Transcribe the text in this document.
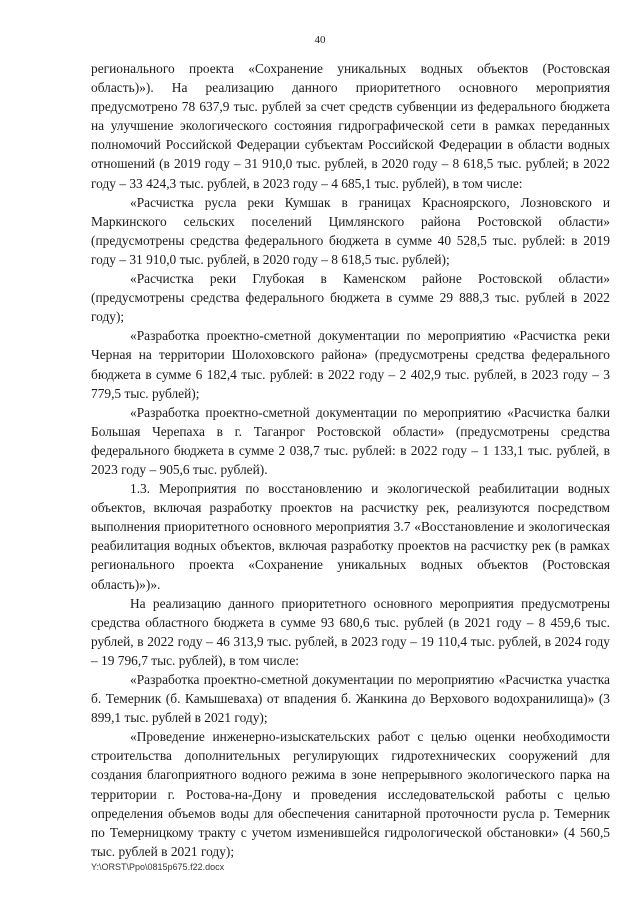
40

регионального проекта «Сохранение уникальных водных объектов (Ростовская область)»). На реализацию данного приоритетного основного мероприятия предусмотрено 78 637,9 тыс. рублей за счет средств субвенции из федерального бюджета на улучшение экологического состояния гидрографической сети в рамках переданных полномочий Российской Федерации субъектам Российской Федерации в области водных отношений (в 2019 году – 31 910,0 тыс. рублей, в 2020 году – 8 618,5 тыс. рублей; в 2022 году – 33 424,3 тыс. рублей, в 2023 году – 4 685,1 тыс. рублей), в том числе:

«Расчистка русла реки Кумшак в границах Красноярского, Лозновского и Маркинского сельских поселений Цимлянского района Ростовской области» (предусмотрены средства федерального бюджета в сумме 40 528,5 тыс. рублей: в 2019 году – 31 910,0 тыс. рублей, в 2020 году – 8 618,5 тыс. рублей);

«Расчистка реки Глубокая в Каменском районе Ростовской области» (предусмотрены средства федерального бюджета в сумме 29 888,3 тыс. рублей в 2022 году);

«Разработка проектно-сметной документации по мероприятию «Расчистка реки Черная на территории Шолоховского района» (предусмотрены средства федерального бюджета в сумме 6 182,4 тыс. рублей: в 2022 году – 2 402,9 тыс. рублей, в 2023 году – 3 779,5 тыс. рублей);

«Разработка проектно-сметной документации по мероприятию «Расчистка балки Большая Черепаха в г. Таганрог Ростовской области» (предусмотрены средства федерального бюджета в сумме 2 038,7 тыс. рублей: в 2022 году – 1 133,1 тыс. рублей, в 2023 году – 905,6 тыс. рублей).

1.3. Мероприятия по восстановлению и экологической реабилитации водных объектов, включая разработку проектов на расчистку рек, реализуются посредством выполнения приоритетного основного мероприятия 3.7 «Восстановление и экологическая реабилитация водных объектов, включая разработку проектов на расчистку рек (в рамках регионального проекта «Сохранение уникальных водных объектов (Ростовская область)»)».

На реализацию данного приоритетного основного мероприятия предусмотрены средства областного бюджета в сумме 93 680,6 тыс. рублей (в 2021 году – 8 459,6 тыс. рублей, в 2022 году – 46 313,9 тыс. рублей, в 2023 году – 19 110,4 тыс. рублей, в 2024 году – 19 796,7 тыс. рублей), в том числе:

«Разработка проектно-сметной документации по мероприятию «Расчистка участка б. Темерник (б. Камышеваха) от впадения б. Жанкина до Верхового водохранилища)» (3 899,1 тыс. рублей в 2021 году);

«Проведение инженерно-изыскательских работ с целью оценки необходимости строительства дополнительных регулирующих гидротехнических сооружений для создания благоприятного водного режима в зоне непрерывного экологического парка на территории г. Ростова-на-Дону и проведения исследовательской работы с целью определения объемов воды для обеспечения санитарной проточности русла р. Темерник по Темерницкому тракту с учетом изменившейся гидрологической обстановки» (4 560,5 тыс. рублей в 2021 году);

Y:\ORST\Ppo\0815p675.f22.docx
